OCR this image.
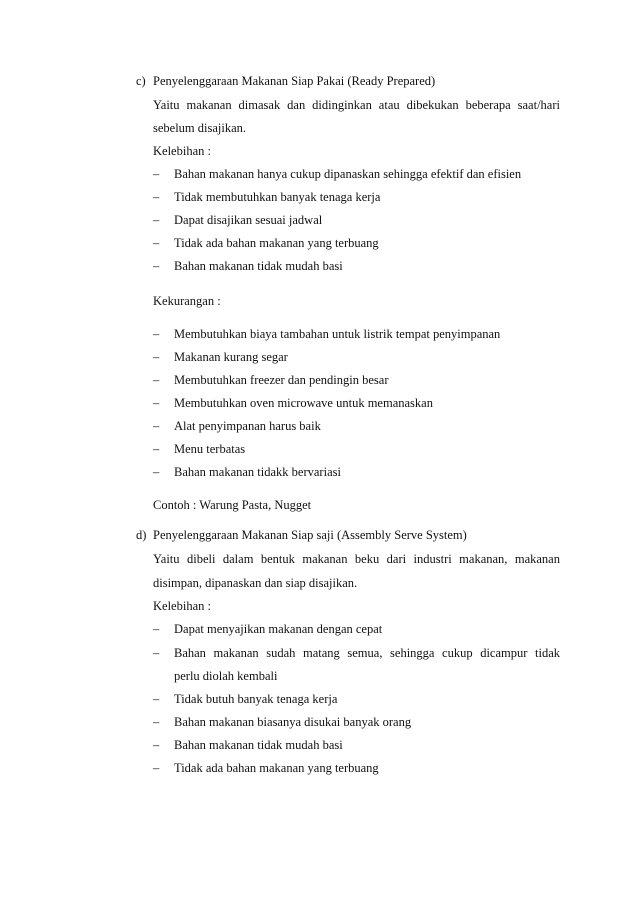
c) Penyelenggaraan Makanan Siap Pakai (Ready Prepared)
Yaitu makanan dimasak dan didinginkan atau dibekukan beberapa saat/hari
sebelum disajikan.
Kelebihan :
– Bahan makanan hanya cukup dipanaskan sehingga efektif dan efisien
– Tidak membutuhkan banyak tenaga kerja
– Dapat disajikan sesuai jadwal
– Tidak ada bahan makanan yang terbuang
– Bahan makanan tidak mudah basi
Kekurangan :
– Membutuhkan biaya tambahan untuk listrik tempat penyimpanan
– Makanan kurang segar
– Membutuhkan freezer dan pendingin besar
– Membutuhkan oven microwave untuk memanaskan
– Alat penyimpanan harus baik
– Menu terbatas
– Bahan makanan tidakk bervariasi
Contoh : Warung Pasta, Nugget
d) Penyelenggaraan Makanan Siap saji (Assembly Serve System)
Yaitu dibeli dalam bentuk makanan beku dari industri makanan, makanan
disimpan, dipanaskan dan siap disajikan.
Kelebihan :
– Dapat menyajikan makanan dengan cepat
– Bahan makanan sudah matang semua, sehingga cukup dicampur tidak
perlu diolah kembali
– Tidak butuh banyak tenaga kerja
– Bahan makanan biasanya disukai banyak orang
– Bahan makanan tidak mudah basi
– Tidak ada bahan makanan yang terbuang
